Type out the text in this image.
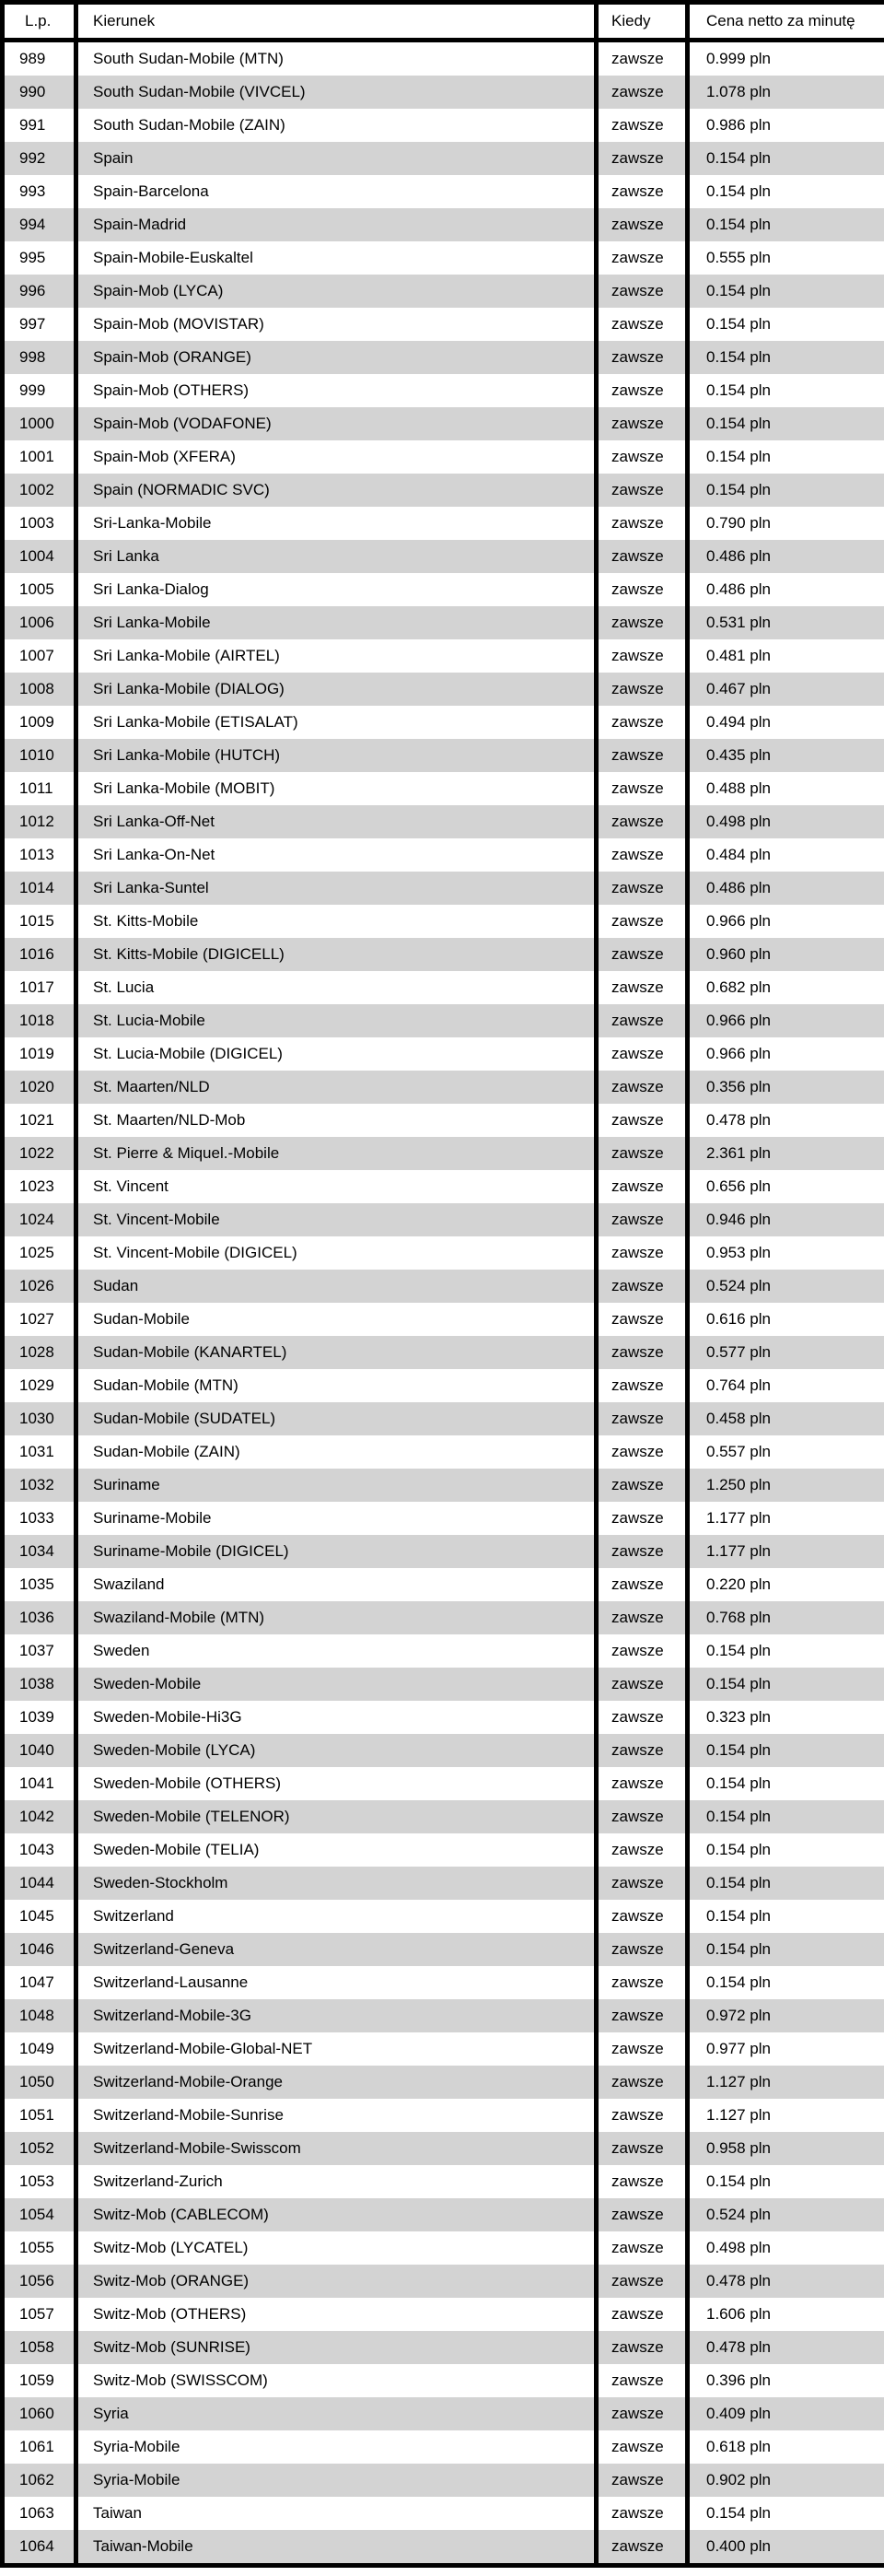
L.p.	Kierunek	Kiedy	Cena netto za minutę
989	South Sudan-Mobile (MTN)	zawsze	0.999 pln
990	South Sudan-Mobile (VIVCEL)	zawsze	1.078 pln
991	South Sudan-Mobile (ZAIN)	zawsze	0.986 pln
992	Spain	zawsze	0.154 pln
993	Spain-Barcelona	zawsze	0.154 pln
994	Spain-Madrid	zawsze	0.154 pln
995	Spain-Mobile-Euskaltel	zawsze	0.555 pln
996	Spain-Mob (LYCA)	zawsze	0.154 pln
997	Spain-Mob (MOVISTAR)	zawsze	0.154 pln
998	Spain-Mob (ORANGE)	zawsze	0.154 pln
999	Spain-Mob (OTHERS)	zawsze	0.154 pln
1000	Spain-Mob (VODAFONE)	zawsze	0.154 pln
1001	Spain-Mob (XFERA)	zawsze	0.154 pln
1002	Spain (NORMADIC SVC)	zawsze	0.154 pln
1003	Sri-Lanka-Mobile	zawsze	0.790 pln
1004	Sri Lanka	zawsze	0.486 pln
1005	Sri Lanka-Dialog	zawsze	0.486 pln
1006	Sri Lanka-Mobile	zawsze	0.531 pln
1007	Sri Lanka-Mobile (AIRTEL)	zawsze	0.481 pln
1008	Sri Lanka-Mobile (DIALOG)	zawsze	0.467 pln
1009	Sri Lanka-Mobile (ETISALAT)	zawsze	0.494 pln
1010	Sri Lanka-Mobile (HUTCH)	zawsze	0.435 pln
1011	Sri Lanka-Mobile (MOBIT)	zawsze	0.488 pln
1012	Sri Lanka-Off-Net	zawsze	0.498 pln
1013	Sri Lanka-On-Net	zawsze	0.484 pln
1014	Sri Lanka-Suntel	zawsze	0.486 pln
1015	St. Kitts-Mobile	zawsze	0.966 pln
1016	St. Kitts-Mobile (DIGICELL)	zawsze	0.960 pln
1017	St. Lucia	zawsze	0.682 pln
1018	St. Lucia-Mobile	zawsze	0.966 pln
1019	St. Lucia-Mobile (DIGICEL)	zawsze	0.966 pln
1020	St. Maarten/NLD	zawsze	0.356 pln
1021	St. Maarten/NLD-Mob	zawsze	0.478 pln
1022	St. Pierre & Miquel.-Mobile	zawsze	2.361 pln
1023	St. Vincent	zawsze	0.656 pln
1024	St. Vincent-Mobile	zawsze	0.946 pln
1025	St. Vincent-Mobile (DIGICEL)	zawsze	0.953 pln
1026	Sudan	zawsze	0.524 pln
1027	Sudan-Mobile	zawsze	0.616 pln
1028	Sudan-Mobile (KANARTEL)	zawsze	0.577 pln
1029	Sudan-Mobile (MTN)	zawsze	0.764 pln
1030	Sudan-Mobile (SUDATEL)	zawsze	0.458 pln
1031	Sudan-Mobile (ZAIN)	zawsze	0.557 pln
1032	Suriname	zawsze	1.250 pln
1033	Suriname-Mobile	zawsze	1.177 pln
1034	Suriname-Mobile (DIGICEL)	zawsze	1.177 pln
1035	Swaziland	zawsze	0.220 pln
1036	Swaziland-Mobile (MTN)	zawsze	0.768 pln
1037	Sweden	zawsze	0.154 pln
1038	Sweden-Mobile	zawsze	0.154 pln
1039	Sweden-Mobile-Hi3G	zawsze	0.323 pln
1040	Sweden-Mobile (LYCA)	zawsze	0.154 pln
1041	Sweden-Mobile (OTHERS)	zawsze	0.154 pln
1042	Sweden-Mobile (TELENOR)	zawsze	0.154 pln
1043	Sweden-Mobile (TELIA)	zawsze	0.154 pln
1044	Sweden-Stockholm	zawsze	0.154 pln
1045	Switzerland	zawsze	0.154 pln
1046	Switzerland-Geneva	zawsze	0.154 pln
1047	Switzerland-Lausanne	zawsze	0.154 pln
1048	Switzerland-Mobile-3G	zawsze	0.972 pln
1049	Switzerland-Mobile-Global-NET	zawsze	0.977 pln
1050	Switzerland-Mobile-Orange	zawsze	1.127 pln
1051	Switzerland-Mobile-Sunrise	zawsze	1.127 pln
1052	Switzerland-Mobile-Swisscom	zawsze	0.958 pln
1053	Switzerland-Zurich	zawsze	0.154 pln
1054	Switz-Mob (CABLECOM)	zawsze	0.524 pln
1055	Switz-Mob (LYCATEL)	zawsze	0.498 pln
1056	Switz-Mob (ORANGE)	zawsze	0.478 pln
1057	Switz-Mob (OTHERS)	zawsze	1.606 pln
1058	Switz-Mob (SUNRISE)	zawsze	0.478 pln
1059	Switz-Mob (SWISSCOM)	zawsze	0.396 pln
1060	Syria	zawsze	0.409 pln
1061	Syria-Mobile	zawsze	0.618 pln
1062	Syria-Mobile	zawsze	0.902 pln
1063	Taiwan	zawsze	0.154 pln
1064	Taiwan-Mobile	zawsze	0.400 pln
